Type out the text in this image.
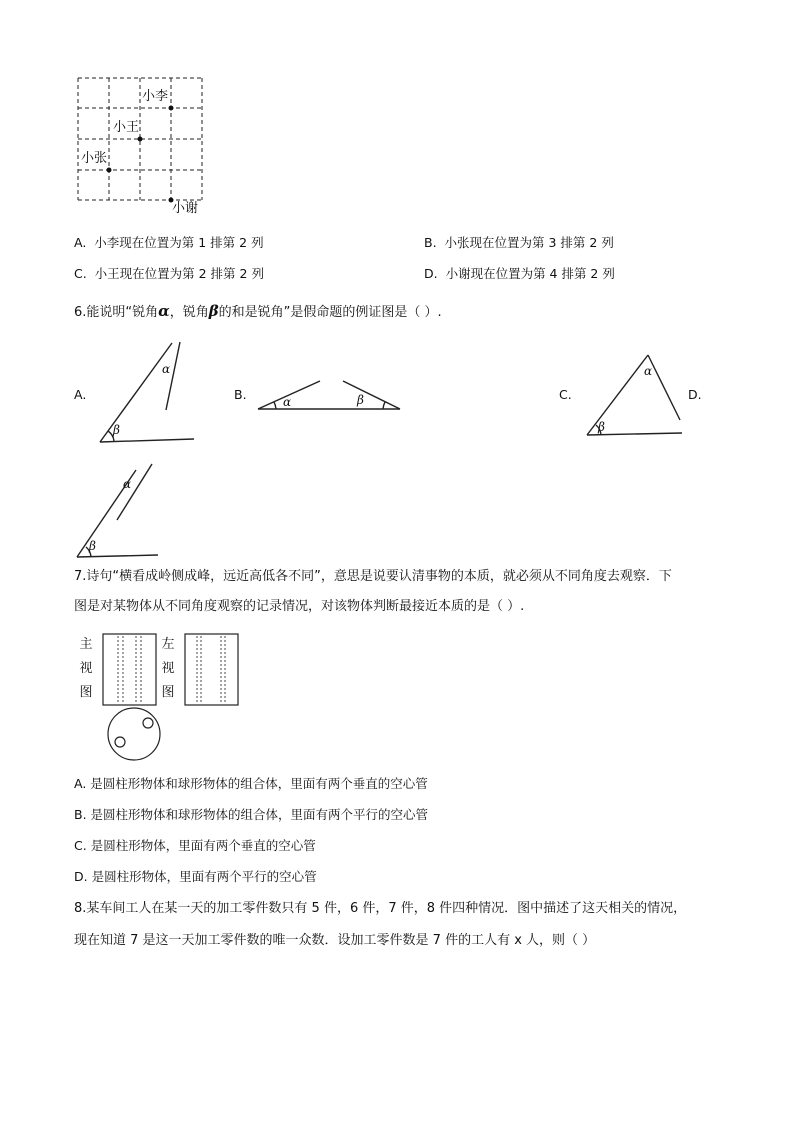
小李
小王
小张
小谢
A. 小李现在位置为第 1 排第 2 列	B. 小张现在位置为第 3 排第 2 列
C. 小王现在位置为第 2 排第 2 列	D. 小谢现在位置为第 4 排第 2 列
6.能说明“锐角α，锐角β的和是锐角”是假命题的例证图是（ ）.
A.	B.	C.	D.
α
β
α	β
α
β
α
β
7.诗句“横看成岭侧成峰，远近高低各不同”，意思是说要认清事物的本质，就必须从不同角度去观察．下
图是对某物体从不同角度观察的记录情况，对该物体判断最接近本质的是（ ）.
主
视
图
左
视
图
A. 是圆柱形物体和球形物体的组合体，里面有两个垂直的空心管
B. 是圆柱形物体和球形物体的组合体，里面有两个平行的空心管
C. 是圆柱形物体，里面有两个垂直的空心管
D. 是圆柱形物体，里面有两个平行的空心管
8.某车间工人在某一天的加工零件数只有 5 件，6 件，7 件，8 件四种情况．图中描述了这天相关的情况，
现在知道 7 是这一天加工零件数的唯一众数．设加工零件数是 7 件的工人有 x 人，则（ ）
